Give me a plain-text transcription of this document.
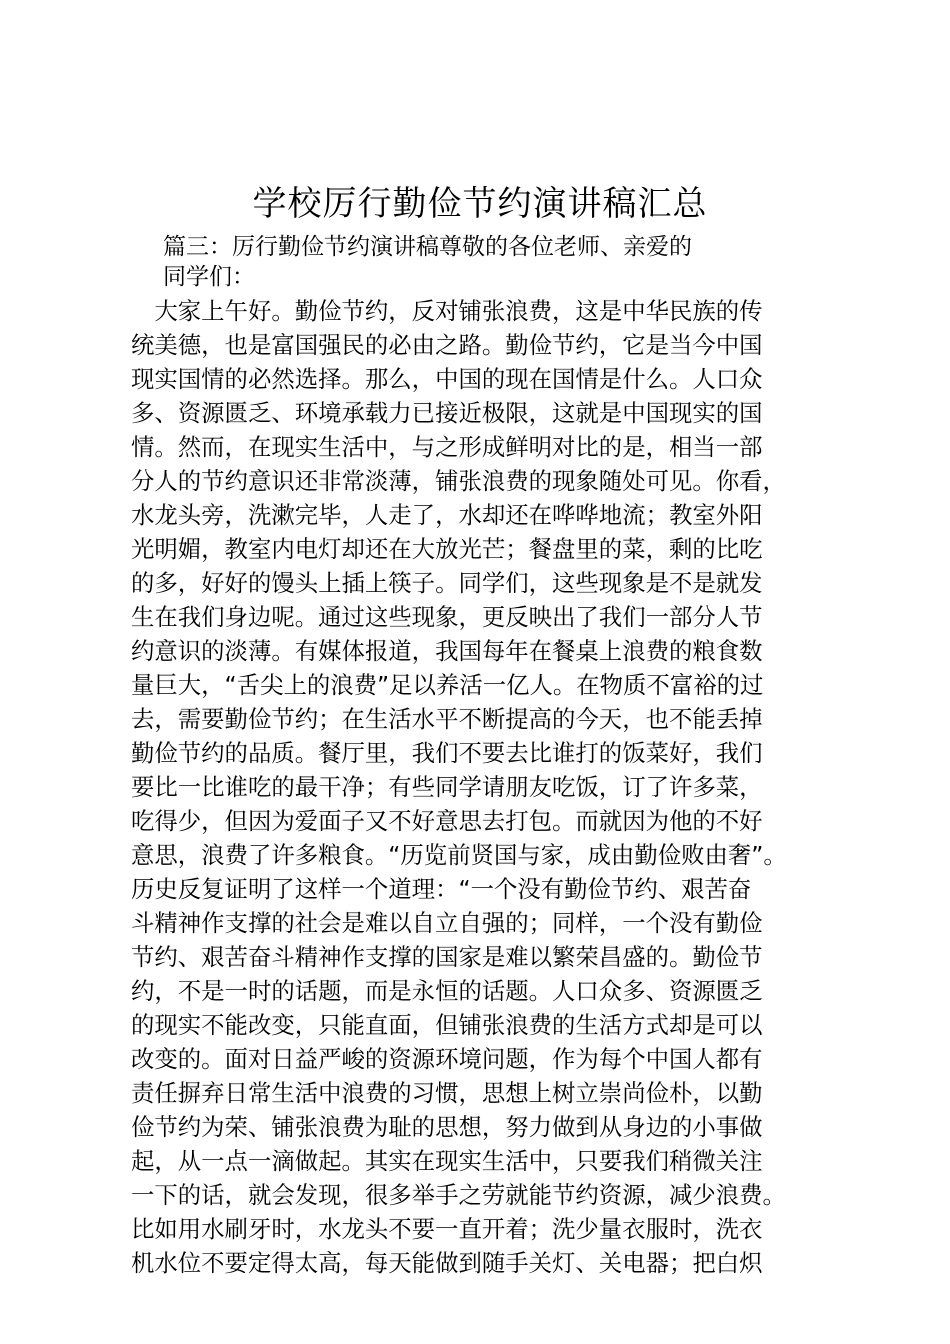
学校厉行勤俭节约演讲稿汇总
篇三：厉行勤俭节约演讲稿尊敬的各位老师、亲爱的
同学们：
　大家上午好。勤俭节约，反对铺张浪费，这是中华民族的传
统美德，也是富国强民的必由之路。勤俭节约，它是当今中国
现实国情的必然选择。那么，中国的现在国情是什么。人口众
多、资源匮乏、环境承载力已接近极限，这就是中国现实的国
情。然而，在现实生活中，与之形成鲜明对比的是，相当一部
分人的节约意识还非常淡薄，铺张浪费的现象随处可见。你看，
水龙头旁，洗漱完毕，人走了，水却还在哗哗地流；教室外阳
光明媚，教室内电灯却还在大放光芒；餐盘里的菜，剩的比吃
的多，好好的馒头上插上筷子。同学们，这些现象是不是就发
生在我们身边呢。通过这些现象，更反映出了我们一部分人节
约意识的淡薄。有媒体报道，我国每年在餐桌上浪费的粮食数
量巨大，“舌尖上的浪费”足以养活一亿人。在物质不富裕的过
去，需要勤俭节约；在生活水平不断提高的今天，也不能丢掉
勤俭节约的品质。餐厅里，我们不要去比谁打的饭菜好，我们
要比一比谁吃的最干净；有些同学请朋友吃饭，订了许多菜，
吃得少，但因为爱面子又不好意思去打包。而就因为他的不好
意思，浪费了许多粮食。“历览前贤国与家，成由勤俭败由奢”。
历史反复证明了这样一个道理：“一个没有勤俭节约、艰苦奋
斗精神作支撑的社会是难以自立自强的；同样，一个没有勤俭
节约、艰苦奋斗精神作支撑的国家是难以繁荣昌盛的。勤俭节
约，不是一时的话题，而是永恒的话题。人口众多、资源匮乏
的现实不能改变，只能直面，但铺张浪费的生活方式却是可以
改变的。面对日益严峻的资源环境问题，作为每个中国人都有
责任摒弃日常生活中浪费的习惯，思想上树立崇尚俭朴，以勤
俭节约为荣、铺张浪费为耻的思想，努力做到从身边的小事做
起，从一点一滴做起。其实在现实生活中，只要我们稍微关注
一下的话，就会发现，很多举手之劳就能节约资源，减少浪费。
比如用水刷牙时，水龙头不要一直开着；洗少量衣服时，洗衣
机水位不要定得太高，每天能做到随手关灯、关电器；把白炽
